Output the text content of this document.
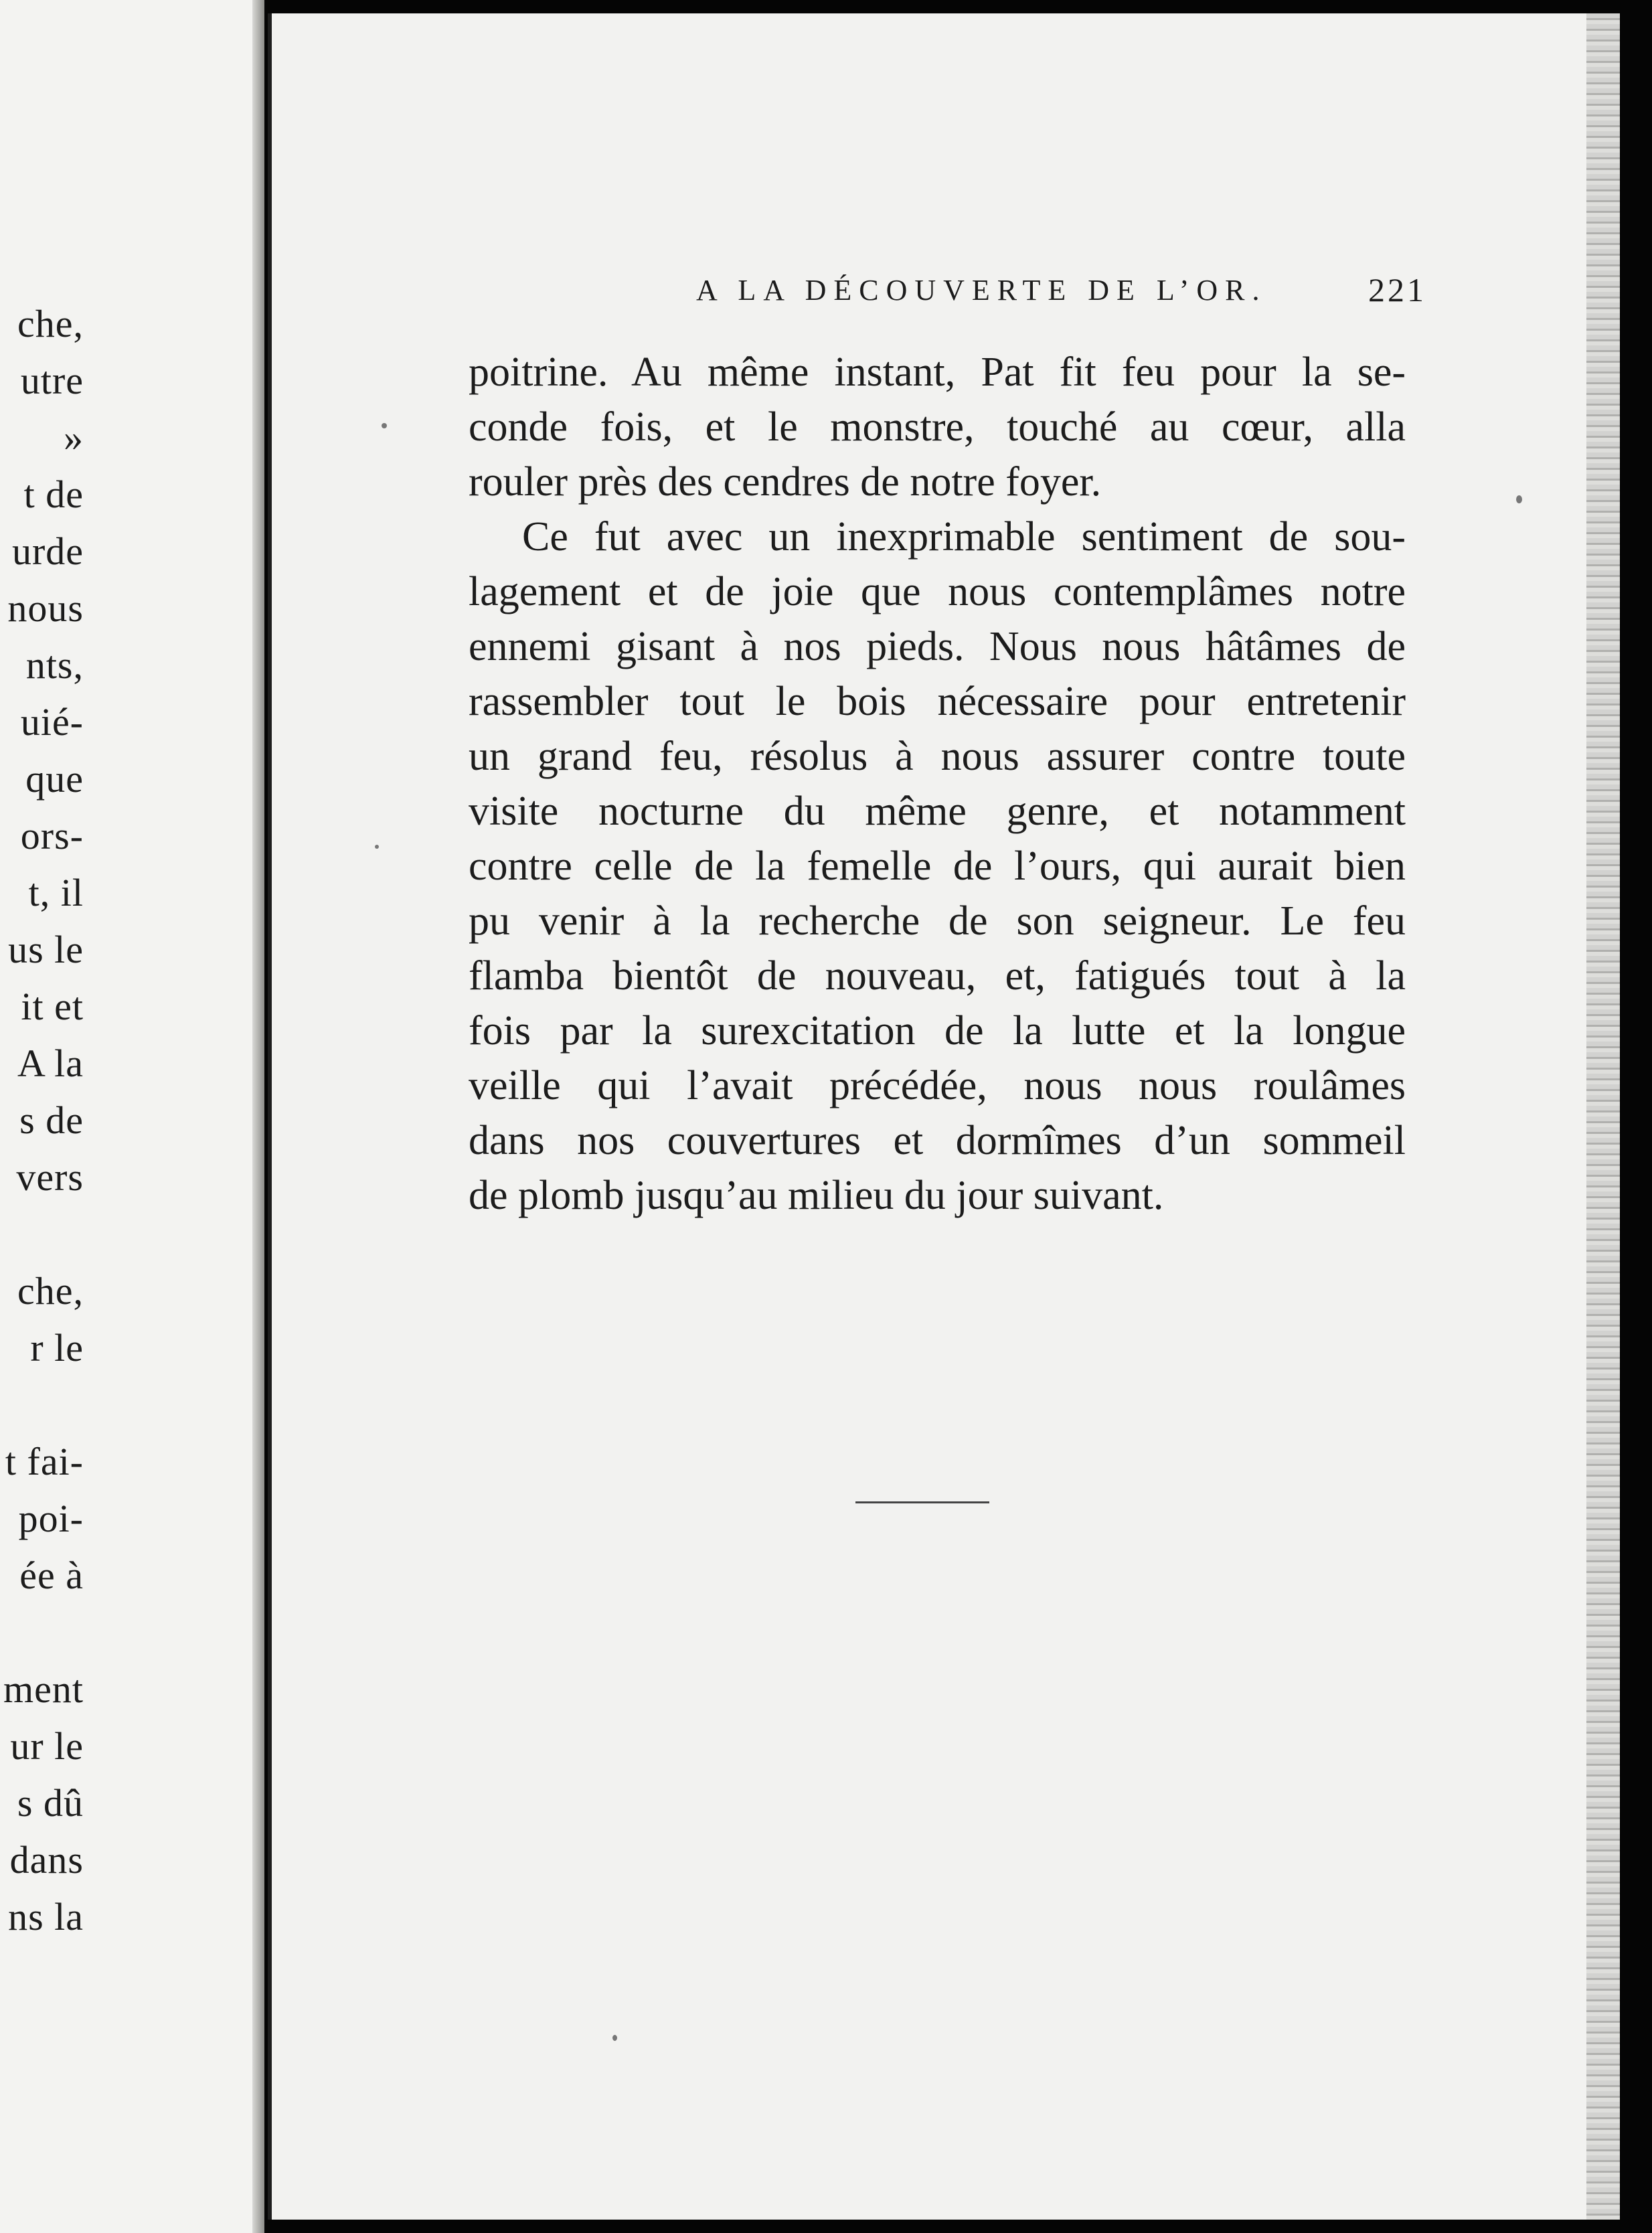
che,
utre
»
t de
urde
nous
nts,
uié-
que
ors-
t, il
us le
it et
A la
s de
vers
che,
r le
t fai-
poi-
ée à
ment
ur le
s dû
dans
ns la
A LA DÉCOUVERTE DE L’OR.	221
poitrine. Au même instant, Pat fit feu pour la se-
conde fois, et le monstre, touché au cœur, alla
rouler près des cendres de notre foyer.
Ce fut avec un inexprimable sentiment de sou-
lagement et de joie que nous contemplâmes notre
ennemi gisant à nos pieds. Nous nous hâtâmes de
rassembler tout le bois nécessaire pour entretenir
un grand feu, résolus à nous assurer contre toute
visite nocturne du même genre, et notamment
contre celle de la femelle de l’ours, qui aurait bien
pu venir à la recherche de son seigneur. Le feu
flamba bientôt de nouveau, et, fatigués tout à la
fois par la surexcitation de la lutte et la longue
veille qui l’avait précédée, nous nous roulâmes
dans nos couvertures et dormîmes d’un sommeil
de plomb jusqu’au milieu du jour suivant.
